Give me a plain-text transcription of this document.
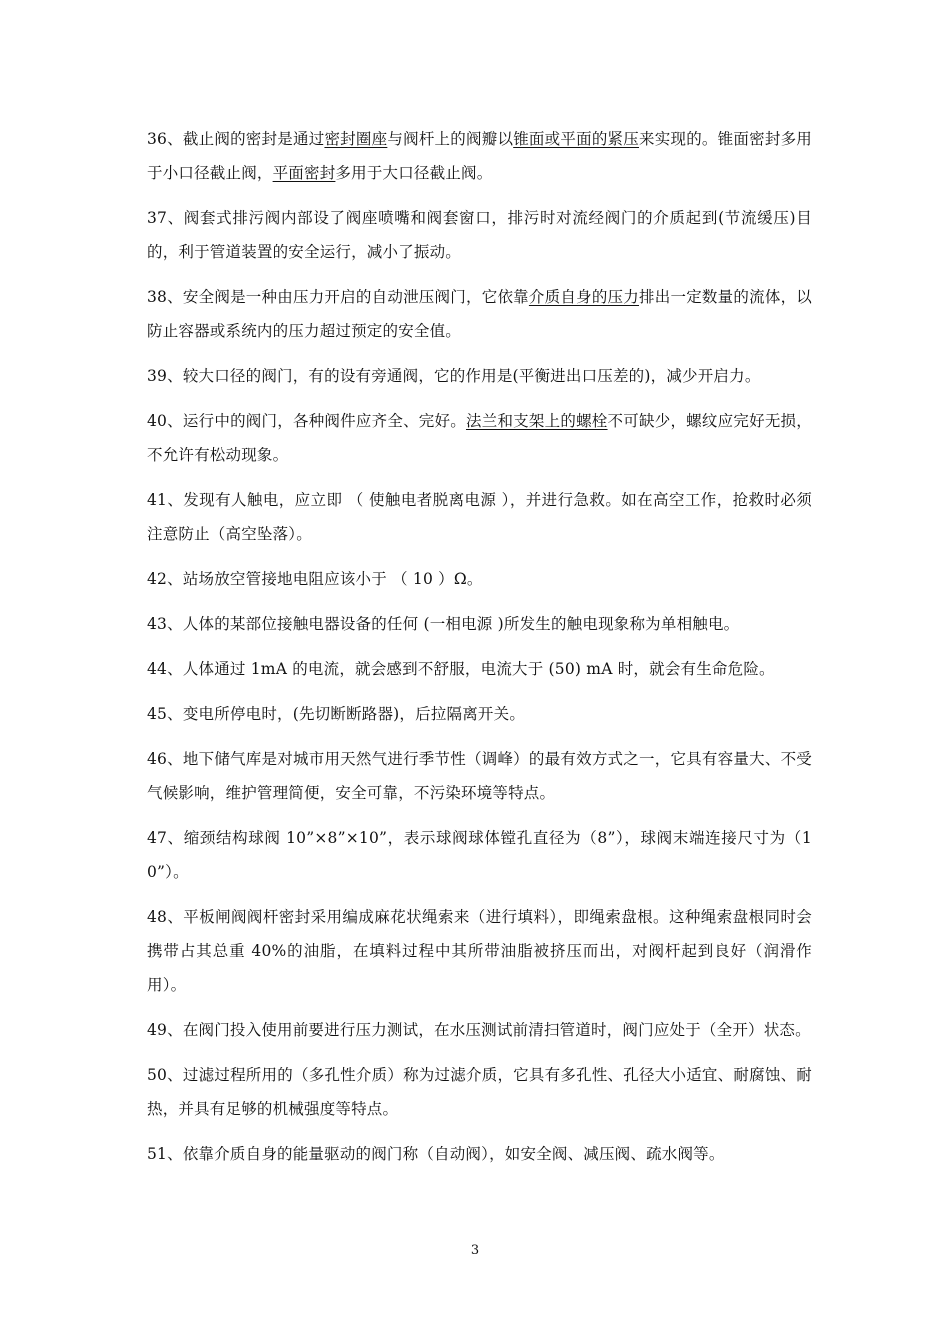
36、截止阀的密封是通过密封圈座与阀杆上的阀瓣以锥面或平面的紧压来实现的。锥面密封多用于小口径截止阀，平面密封多用于大口径截止阀。

37、阀套式排污阀内部设了阀座喷嘴和阀套窗口，排污时对流经阀门的介质起到(节流缓压)目的，利于管道装置的安全运行，减小了振动。

38、安全阀是一种由压力开启的自动泄压阀门，它依靠介质自身的压力排出一定数量的流体，以防止容器或系统内的压力超过预定的安全值。

39、较大口径的阀门，有的设有旁通阀，它的作用是(平衡进出口压差的)，减少开启力。

40、运行中的阀门，各种阀件应齐全、完好。法兰和支架上的螺栓不可缺少，螺纹应完好无损，不允许有松动现象。

41、发现有人触电，应立即 （ 使触电者脱离电源 ），并进行急救。如在高空工作，抢救时必须注意防止（高空坠落）。

42、站场放空管接地电阻应该小于 （ 10 ）Ω。

43、人体的某部位接触电器设备的任何 (一相电源 )所发生的触电现象称为单相触电。

44、人体通过 1mA 的电流，就会感到不舒服，电流大于 (50) mA 时，就会有生命危险。

45、变电所停电时，(先切断断路器)，后拉隔离开关。

46、地下储气库是对城市用天然气进行季节性（调峰）的最有效方式之一，它具有容量大、不受气候影响，维护管理简便，安全可靠，不污染环境等特点。

47、缩颈结构球阀 10”×8”×10”，表示球阀球体镗孔直径为（8”），球阀末端连接尺寸为（10”）。

48、平板闸阀阀杆密封采用编成麻花状绳索来（进行填料），即绳索盘根。这种绳索盘根同时会携带占其总重 40%的油脂，在填料过程中其所带油脂被挤压而出，对阀杆起到良好（润滑作用）。

49、在阀门投入使用前要进行压力测试，在水压测试前清扫管道时，阀门应处于（全开）状态。

50、过滤过程所用的（多孔性介质）称为过滤介质，它具有多孔性、孔径大小适宜、耐腐蚀、耐热，并具有足够的机械强度等特点。

51、依靠介质自身的能量驱动的阀门称（自动阀），如安全阀、减压阀、疏水阀等。

3
